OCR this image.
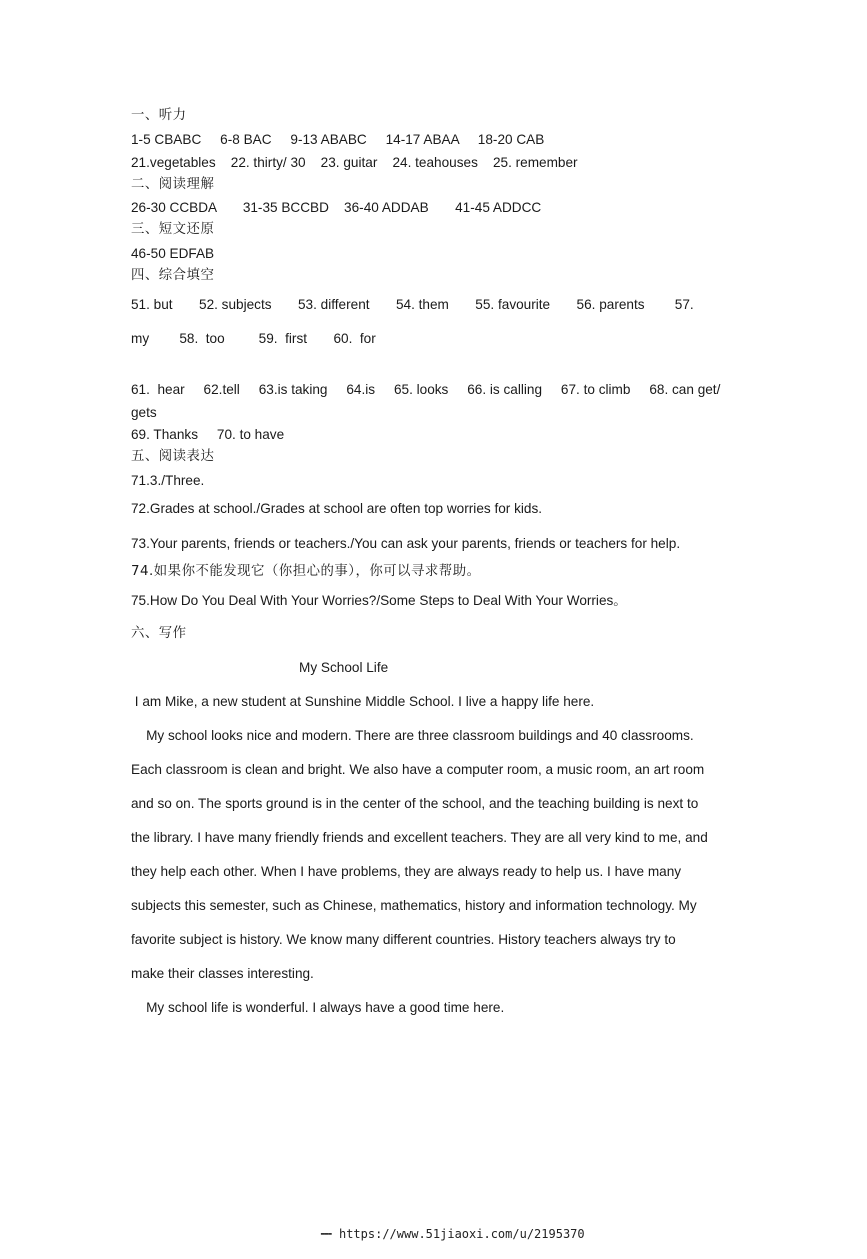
一、听力
1-5 CBABC     6-8 BAC     9-13 ABABC     14-17 ABAA     18-20 CAB
21.vegetables    22. thirty/ 30    23. guitar    24. teahouses    25. remember
二、阅读理解
26-30 CCBDA       31-35 BCCBD    36-40 ADDAB       41-45 ADDCC
三、短文还原
46-50 EDFAB
四、综合填空
51. but       52. subjects       53. different       54. them       55. favourite       56. parents        57.
my        58.  too         59.  first       60.  for
61.  hear     62.tell     63.is taking     64.is     65. looks     66. is calling     67. to climb     68. can get/
gets
69. Thanks     70. to have
五、阅读表达
71.3./Three.
72.Grades at school./Grades at school are often top worries for kids.
73.Your parents, friends or teachers./You can ask your parents, friends or teachers for help.
74.如果你不能发现它（你担心的事），你可以寻求帮助。
75.How Do You Deal With Your Worries?/Some Steps to Deal With Your Worries。
六、写作
My School Life
I am Mike, a new student at Sunshine Middle School. I live a happy life here.
My school looks nice and modern. There are three classroom buildings and 40 classrooms.
Each classroom is clean and bright. We also have a computer room, a music room, an art room
and so on. The sports ground is in the center of the school, and the teaching building is next to
the library. I have many friendly friends and excellent teachers. They are all very kind to me, and
they help each other. When I have problems, they are always ready to help us. I have many
subjects this semester, such as Chinese, mathematics, history and information technology. My
favorite subject is history. We know many different countries. History teachers always try to
make their classes interesting.
My school life is wonderful. I always have a good time here.

▬▬▬ https://www.51jiaoxi.com/u/2195370
